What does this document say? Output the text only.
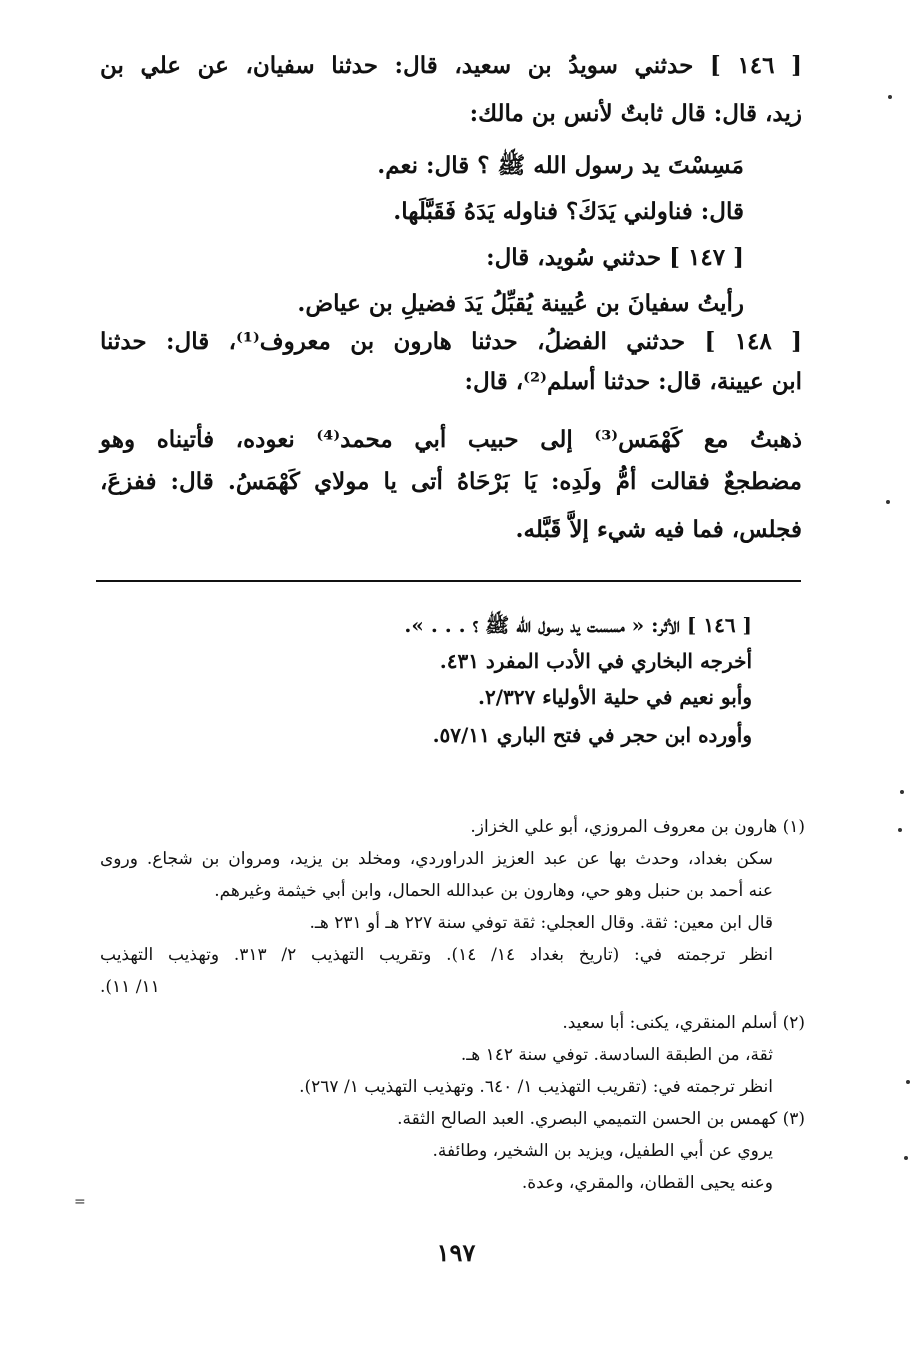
[ ١٤٦ ] حدثني سويدُ بن سعيد، قال: حدثنا سفيان، عن علي بن
زيد، قال: قال ثابتٌ لأنس بن مالك:
مَسِسْتَ يد رسول الله ﷺ ؟ قال: نعم.
قال: فناولني يَدَكَ؟ فناوله يَدَهُ فَقَبَّلَها.
[ ١٤٧ ] حدثني سُويد، قال:
رأيتُ سفيانَ بن عُيينة يُقبِّلُ يَدَ فضيلِ بن عياض.
[ ١٤٨ ] حدثني الفضلُ، حدثنا هارون بن معروف⁽¹⁾، قال: حدثنا
ابن عيينة، قال: حدثنا أسلم⁽²⁾، قال:
ذهبتُ مع كَهْمَس⁽³⁾ إلى حبيب أبي محمد⁽⁴⁾ نعوده، فأتيناه وهو
مضطجعٌ فقالت أمُّ ولَدِه: يَا بَرْحَاهُ أتى يا مولاي كَهْمَسُ. قال: ففزعَ،
فجلس، فما فيه شيء إلاَّ قَبَّله.
[ ١٤٦ ] الأثر: « مسست يد رسول الله ﷺ ؟ . . . ».
أخرجه البخاري في الأدب المفرد ٤٣١.
وأبو نعيم في حلية الأولياء ٢/٣٢٧.
وأورده ابن حجر في فتح الباري ٥٧/١١.
(١) هارون بن معروف المروزي، أبو علي الخزاز.
سكن بغداد، وحدث بها عن عبد العزيز الدراوردي، ومخلد بن يزيد، ومروان بن شجاع. وروى
عنه أحمد بن حنبل وهو حي، وهارون بن عبدالله الحمال، وابن أبي خيثمة وغيرهم.
قال ابن معين: ثقة. وقال العجلي: ثقة توفي سنة ٢٢٧ هـ أو ٢٣١ هـ.
انظر ترجمته في: (تاريخ بغداد ١٤/ ١٤). وتقريب التهذيب ٢/ ٣١٣. وتهذيب التهذيب
١١/ ١١).
(٢) أسلم المنقري، يكنى: أبا سعيد.
ثقة، من الطبقة السادسة. توفي سنة ١٤٢ هـ.
انظر ترجمته في: (تقريب التهذيب ١/ ٦٤٠. وتهذيب التهذيب ١/ ٢٦٧).
(٣) كهمس بن الحسن التميمي البصري. العبد الصالح الثقة.
يروي عن أبي الطفيل، ويزيد بن الشخير، وطائفة.
وعنه يحيى القطان، والمقري، وعدة.
١٩٧
=
